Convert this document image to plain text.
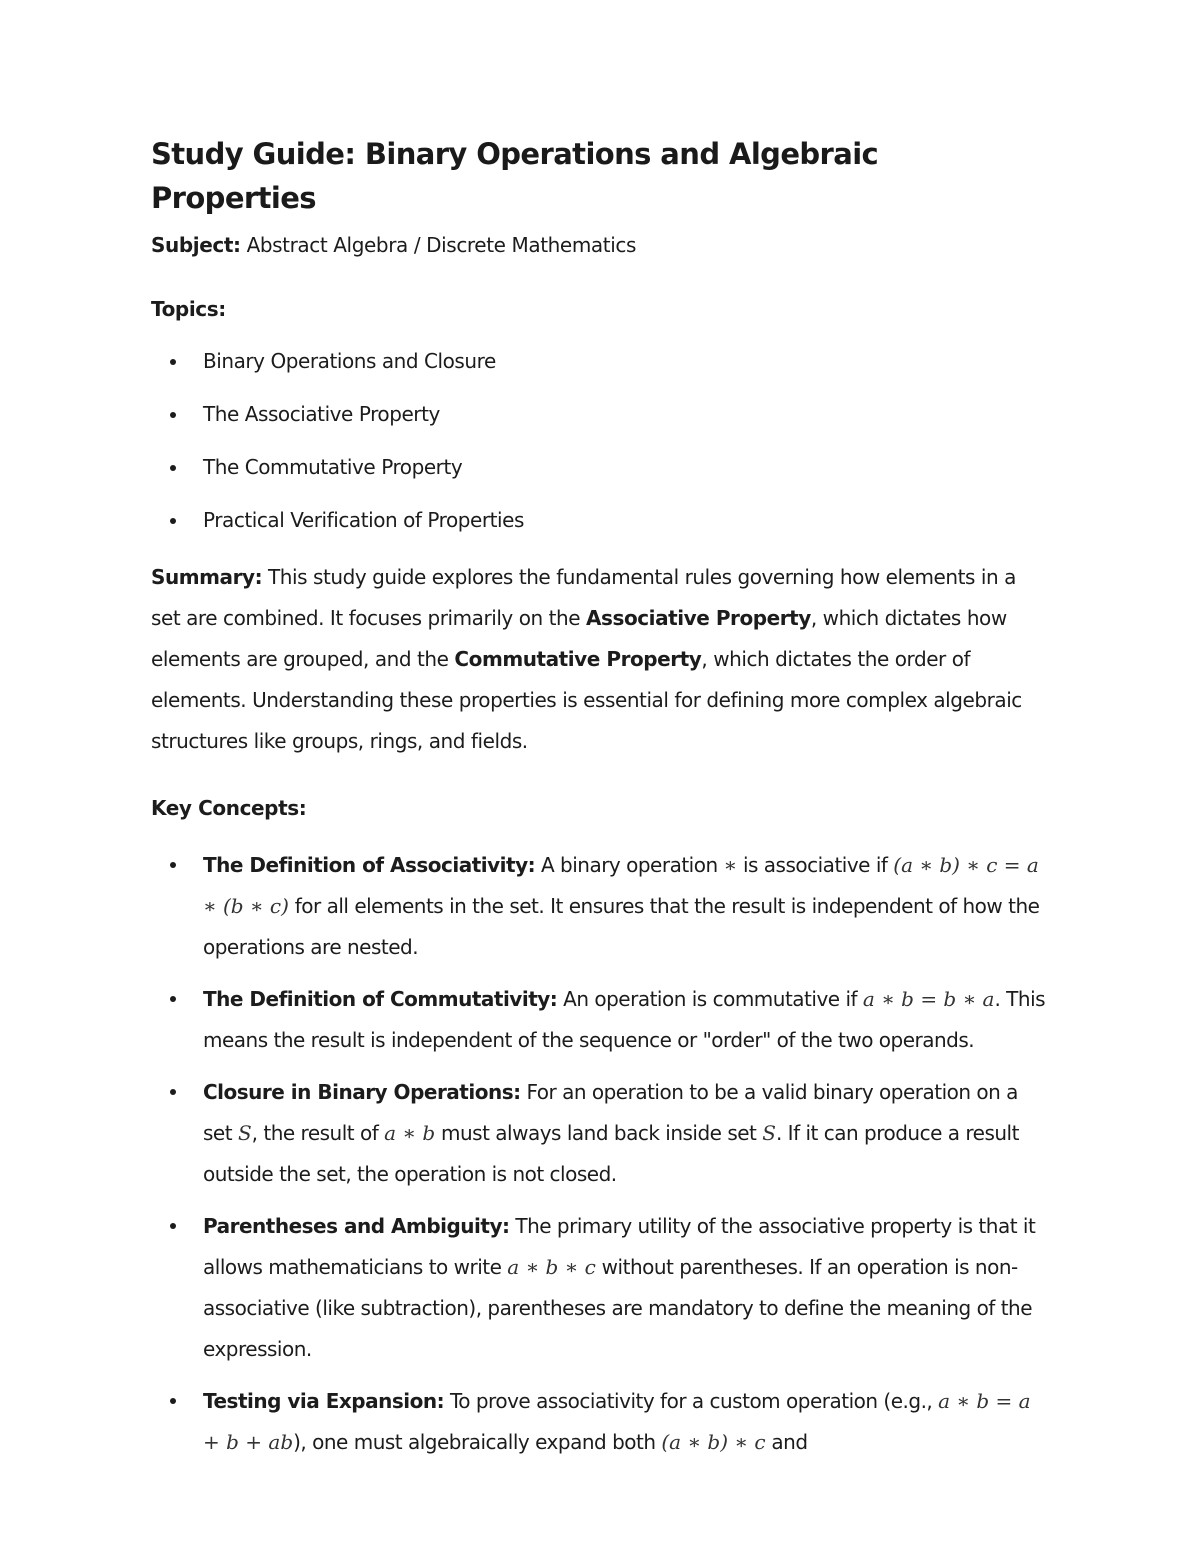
Study Guide: Binary Operations and Algebraic Properties
Subject: Abstract Algebra / Discrete Mathematics
Topics:
Binary Operations and Closure
The Associative Property
The Commutative Property
Practical Verification of Properties
Summary: This study guide explores the fundamental rules governing how elements in a set are combined. It focuses primarily on the Associative Property, which dictates how elements are grouped, and the Commutative Property, which dictates the order of elements. Understanding these properties is essential for defining more complex algebraic structures like groups, rings, and fields.
Key Concepts:
The Definition of Associativity: A binary operation ∗ is associative if (a ∗ b) ∗ c = a ∗ (b ∗ c) for all elements in the set. It ensures that the result is independent of how the operations are nested.
The Definition of Commutativity: An operation is commutative if a ∗ b = b ∗ a. This means the result is independent of the sequence or "order" of the two operands.
Closure in Binary Operations: For an operation to be a valid binary operation on a set S, the result of a ∗ b must always land back inside set S. If it can produce a result outside the set, the operation is not closed.
Parentheses and Ambiguity: The primary utility of the associative property is that it allows mathematicians to write a ∗ b ∗ c without parentheses. If an operation is non-associative (like subtraction), parentheses are mandatory to define the meaning of the expression.
Testing via Expansion: To prove associativity for a custom operation (e.g., a ∗ b = a + b + ab), one must algebraically expand both (a ∗ b) ∗ c and
